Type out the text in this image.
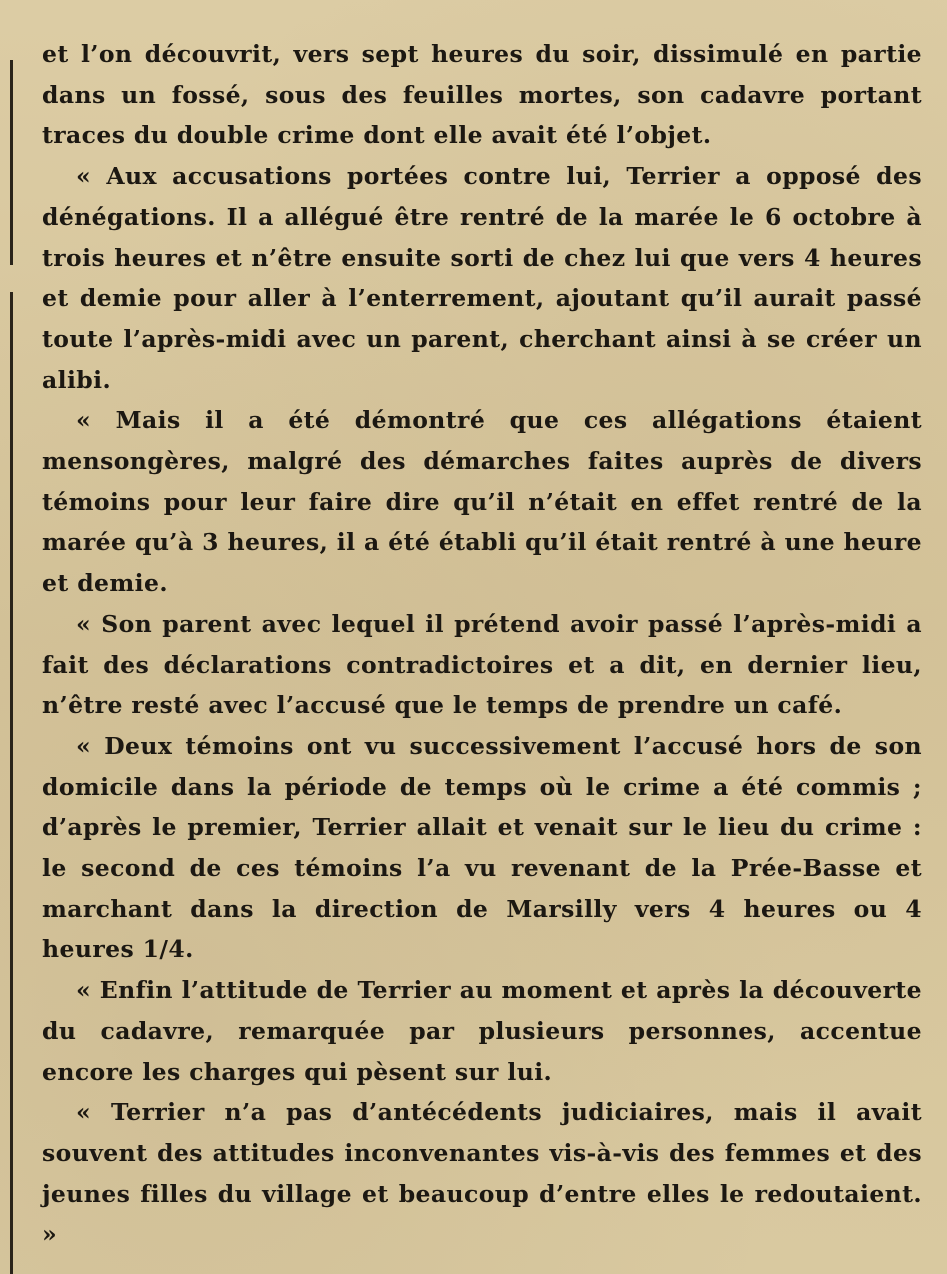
et l’on découvrit, vers sept heures du soir, dissimulé en partie dans un fossé, sous des feuilles mortes, son cadavre portant traces du double crime dont elle avait été l’objet.

« Aux accusations portées contre lui, Terrier a opposé des dénégations. Il a allégué être rentré de la marée le 6 octobre à trois heures et n’être ensuite sorti de chez lui que vers 4 heures et demie pour aller à l’enterrement, ajoutant qu’il aurait passé toute l’après-midi avec un parent, cherchant ainsi à se créer un alibi.

« Mais il a été démontré que ces allégations étaient mensongères, malgré des démarches faites auprès de divers témoins pour leur faire dire qu’il n’était en effet rentré de la marée qu’à 3 heures, il a été établi qu’il était rentré à une heure et demie.

« Son parent avec lequel il prétend avoir passé l’après-midi a fait des déclarations contradictoires et a dit, en dernier lieu, n’être resté avec l’accusé que le temps de prendre un café.

« Deux témoins ont vu successivement l’accusé hors de son domicile dans la période de temps où le crime a été commis ; d’après le premier, Terrier allait et venait sur le lieu du crime : le second de ces témoins l’a vu revenant de la Prée-Basse et marchant dans la direction de Marsilly vers 4 heures ou 4 heures 1/4.

« Enfin l’attitude de Terrier au moment et après la découverte du cadavre, remarquée par plusieurs personnes, accentue encore les charges qui pèsent sur lui.

« Terrier n’a pas d’antécédents judiciaires, mais il avait souvent des attitudes inconvenantes vis-à-vis des femmes et des jeunes filles du village et beaucoup d’entre elles le redoutaient. »
